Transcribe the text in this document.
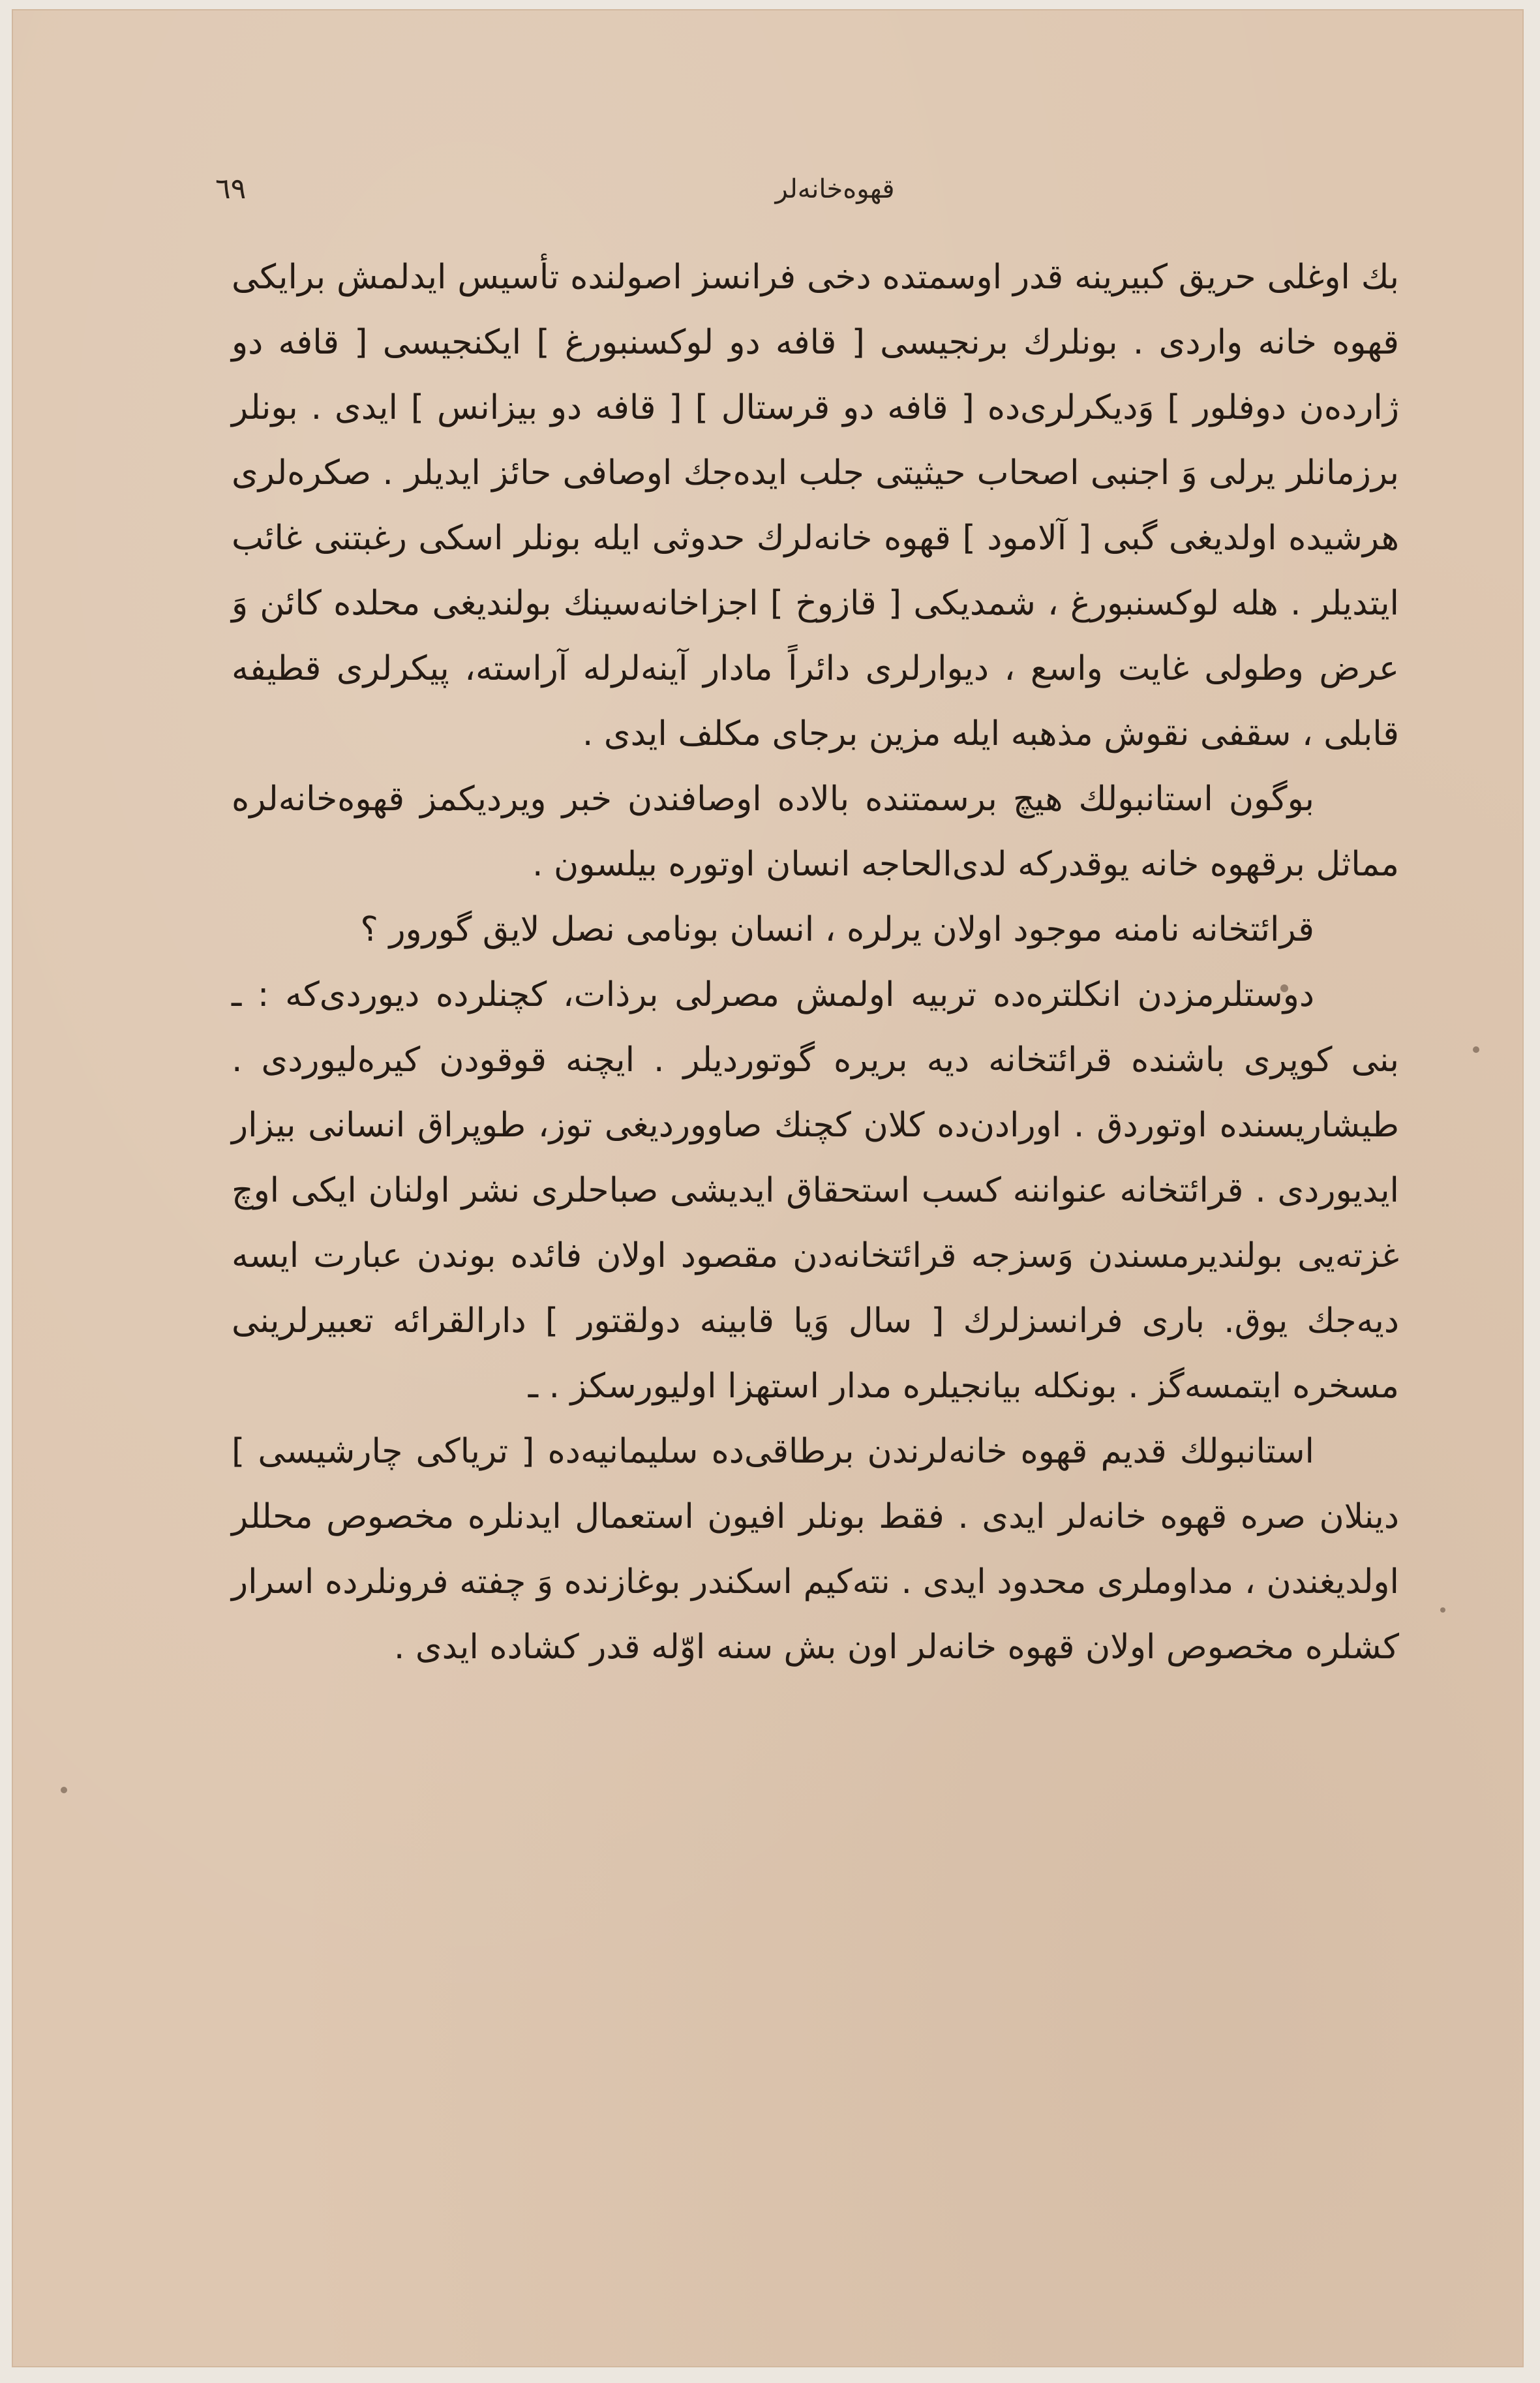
قهوه‌خانه‌لر
٦٩

بك اوغلی حریق كبیرینه قدر اوسمتده دخی فرانسز اصولنده تأسیس ایدلمش برایكی قهوه خانه واردی . بونلرك برنجیسی [ قافه دو لوكسنبورغ ] ایكنجیسی [ قافه دو ژاردەن دوفلور ] وَدیكرلری‌ده [ قافه دو قرستال ] [ قافه دو بیزانس ] ایدی . بونلر برزمانلر یرلی وَ اجنبی اصحاب حیثیتی جلب ایده‌جك اوصافی حائز ایدیلر . صكره‌لری هرشیده اولدیغی گبی [ آلامود ] قهوه خانه‌لرك حدوثی ایله بونلر اسكی رغبتنی غائب ایتدیلر . هله لوكسنبورغ ، شمدیكی [ قازوخ ] اجزاخانه‌سینك بولندیغی محلده كائن وَ عرض وطولی غایت واسع ، دیوارلری دائراً مادار آینه‌لرله آراسته، پیكرلری قطیفه قابلی ، سقفی نقوش مذهبه ایله مزین برجای مكلف ایدی .

بوگون استانبولك هیچ برسمتنده بالاده اوصافندن خبر ویردیكمز قهوه‌خانه‌لره مماثل برقهوه خانه یوقدركه لدی‌الحاجه انسان اوتوره بیلسون .

قرائتخانه نامنه موجود اولان یرلره ، انسان بونامی نصل لایق گورور ؟

دوستلرمزدن انكلتره‌ده تربیه اولمش مصرلی برذات، كچنلرده دیوردی‌كه : ـ بنی كوپری باشنده قرائتخانه دیه بریره گوتوردیلر . ایچنه قوقودن كیره‌لیوردی . طیشاریسنده اوتوردق . اورادن‌ده كلان كچنك صاووردیغی توز، طوپراق انسانی بیزار ایدیوردی . قرائتخانه عنواننه كسب استحقاق ایدیشی صباحلری نشر اولنان ایكی اوچ غزته‌یی بولندیرمسندن وَسزجه قرائتخانه‌دن مقصود اولان فائده بوندن عبارت ایسه دیه‌جك یوق. باری فرانسزلرك [ سال وَیا قابینه دولقتور ] دارالقرائه تعبیرلرینی مسخره ایتمسه‌گز . بونكله بیانجیلره مدار استهزا اولیورسكز . ـ

استانبولك قدیم قهوه خانه‌لرندن برطاقی‌ده سلیمانیه‌ده [ تریاكی چارشیسی ] دینلان صره قهوه خانه‌لر ایدی . فقط بونلر افیون استعمال ایدنلره مخصوص محللر اولدیغندن ، مداوملری محدود ایدی . نته‌كیم اسكندر بوغازنده وَ چفته فرونلرده اسرار كشلره مخصوص اولان قهوه خانه‌لر اون بش سنه اوّله قدر كشاده ایدی .
